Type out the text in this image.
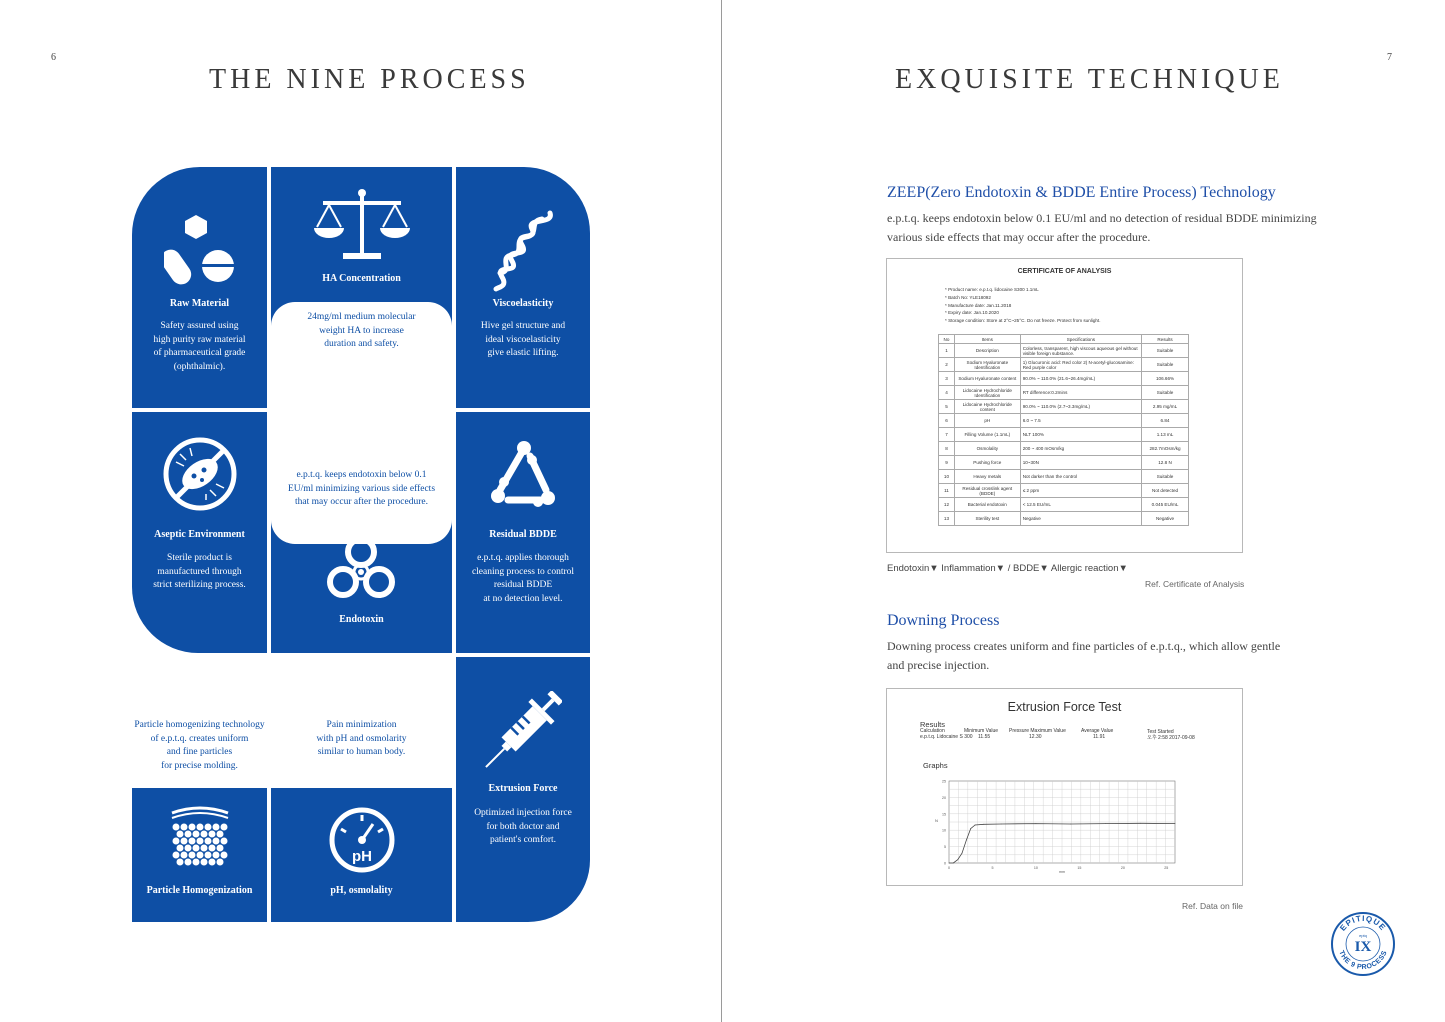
6	7
THE NINE PROCESS	EXQUISITE TECHNIQUE
Raw Material
Safety assured using
high purity raw material
of pharmaceutical grade
(ophthalmic).
HA Concentration
Viscoelasticity
Hive gel structure and
ideal viscoelasticity
give elastic lifting.
Aseptic Environment
Sterile product is
manufactured through
strict sterilizing process.
Endotoxin
Residual BDDE
e.p.t.q. applies thorough
cleaning process to control
residual BDDE
at no detection level.
Extrusion Force
Optimized injection force
for both doctor and
patient's comfort.
Particle Homogenization
pH
pH, osmolality
24mg/ml medium molecular
weight HA to increase
duration and safety.
e.p.t.q. keeps endotoxin below 0.1
EU/ml minimizing various side effects
that may occur after the procedure.
Particle homogenizing technology
of e.p.t.q. creates uniform
and fine particles
for precise molding.
Pain minimization
with pH and osmolarity
similar to human body.
ZEEP(Zero Endotoxin & BDDE Entire Process) Technology
e.p.t.q. keeps endotoxin below 0.1 EU/ml and no detection of residual BDDE minimizing various side effects that may occur after the procedure.
CERTIFICATE OF ANALYSIS
* Product name: e.p.t.q. lidocaine S300 1.1mL
* Batch No: YLE18092
* Manufacture date: Jan.11.2018
* Expiry date: Jan.10.2020
* Storage condition: Store at 2°C~25°C. Do not freeze. Protect from sunlight.
No	Items	Specifications	Results
1	Description	Colorless, transparent, high viscous aqueous gel without visible foreign substance.	Suitable
2	Sodium Hyaluronate Identification	1) Glucuronic acid: Red color 2) N-acetyl-glucosamine: Red purple color	Suitable
3	Sodium Hyaluronate content	90.0% ~ 110.0% (21.6~26.4mg/mL)	106.66%
4	Lidocaine Hydrochloride Identification	RT difference:0.2mins	Suitable
5	Lidocaine Hydrochloride content	90.0% ~ 110.0% (2.7~3.3mg/mL)	2.95 mg/mL
6	pH	6.0 ~ 7.5	6.84
7	Filling Volume (1.1mL)	NLT 100%	1.13 mL
8	Osmolality	200 ~ 400 mOsm/kg	282.7mOsm/kg
9	Pushing force	10~30N	12.8 N
10	Heavy metals	Not darker than the control	Suitable
11	Residual crosslink agent (BDDE)	≤ 2 ppm	Not detected
12	Bacterial endotoxin	< 12.5 EU/mL	0.045 EU/mL
13	Sterility test	Negative	Negative
Endotoxin▼ Inflammation▼ / BDDE▼ Allergic reaction▼
Ref. Certificate of Analysis
Downing Process
Downing process creates uniform and fine particles of e.p.t.q., which allow gentle and precise injection.
Extrusion Force Test
Results
Calculation
e.p.t.q. Lidocaine S 300
Minimum Value
11.55
Pressure Maximum Value
12.30
Average Value
11.91
Test Started
오후 2:58 2017-09-08
Graphs
25
20
15
10
5
0
0	5	10	15	20	25
N
mm
Ref. Data on file
EPITIQUE
THE 9 PROCESS
eptq
IX
